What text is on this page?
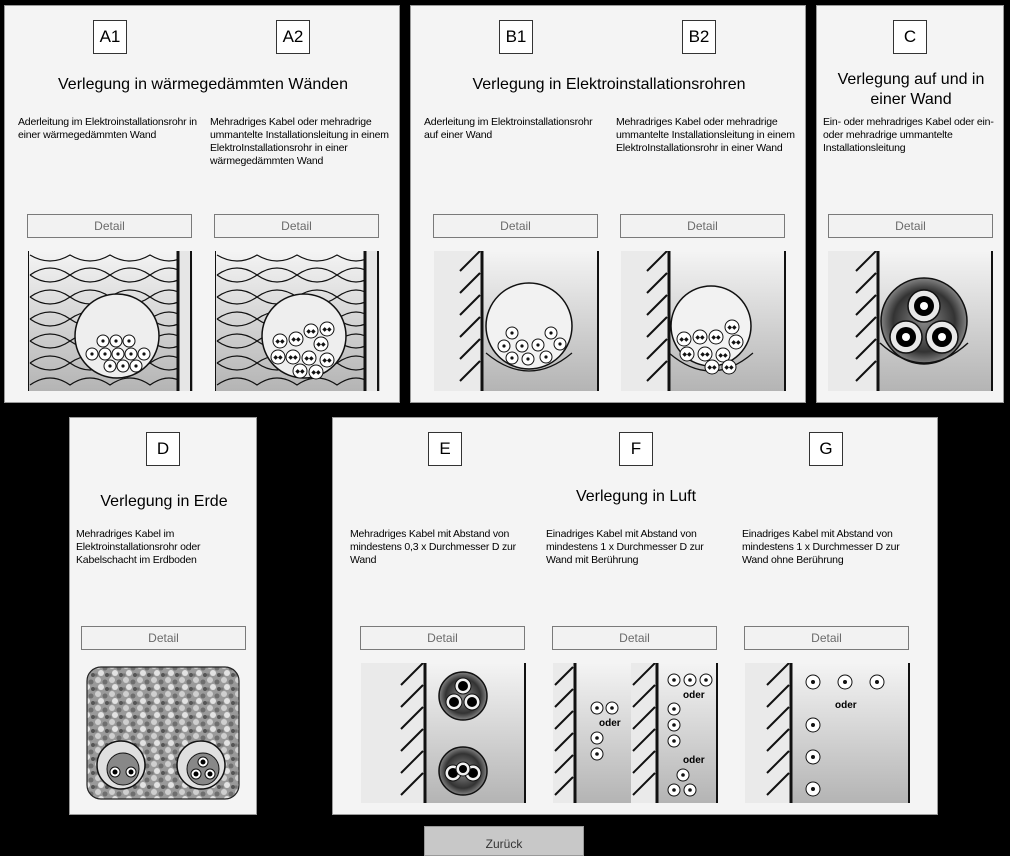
A1	A2
Verlegung in wärmegedämmten Wänden
Aderleitung im Elektroinstallationsrohr in einer wärmegedämmten Wand
Mehradriges Kabel oder mehradrige ummantelte Installationsleitung in einem ElektroInstallationsrohr in einer wärmegedämmten Wand
Detail	Detail
◆◆ ◆◆
◆◆ ◆◆
◆◆
◆◆ ◆◆ ◆◆ ◆◆
◆◆ ◆◆
B1	B2
Verlegung in Elektroinstallationsrohren
Aderleitung im Elektroinstallationsrohr auf einer Wand
Mehradriges Kabel oder mehradrige ummantelte Installationsleitung in einem ElektroInstallationsrohr in einer Wand
Detail	Detail
◆◆
◆◆ ◆◆ ◆◆
◆◆
◆◆ ◆◆ ◆◆
◆◆ ◆◆
C
Verlegung auf und in einer Wand
Ein- oder mehradriges Kabel oder ein- oder mehradrige ummantelte Installationsleitung
Detail
D
Verlegung in Erde
Mehradriges Kabel im Elektroinstallationsrohr oder Kabelschacht im Erdboden
Detail
E	F	G
Verlegung in Luft
Mehradriges Kabel mit Abstand von mindestens 0,3 x Durchmesser D zur Wand
Einadriges Kabel mit Abstand von mindestens 1 x Durchmesser D zur Wand mit Berührung
Einadriges Kabel mit Abstand von mindestens 1 x Durchmesser D zur Wand ohne Berührung
Detail	Detail	Detail
oder
oder
oder
oder
Zurück
